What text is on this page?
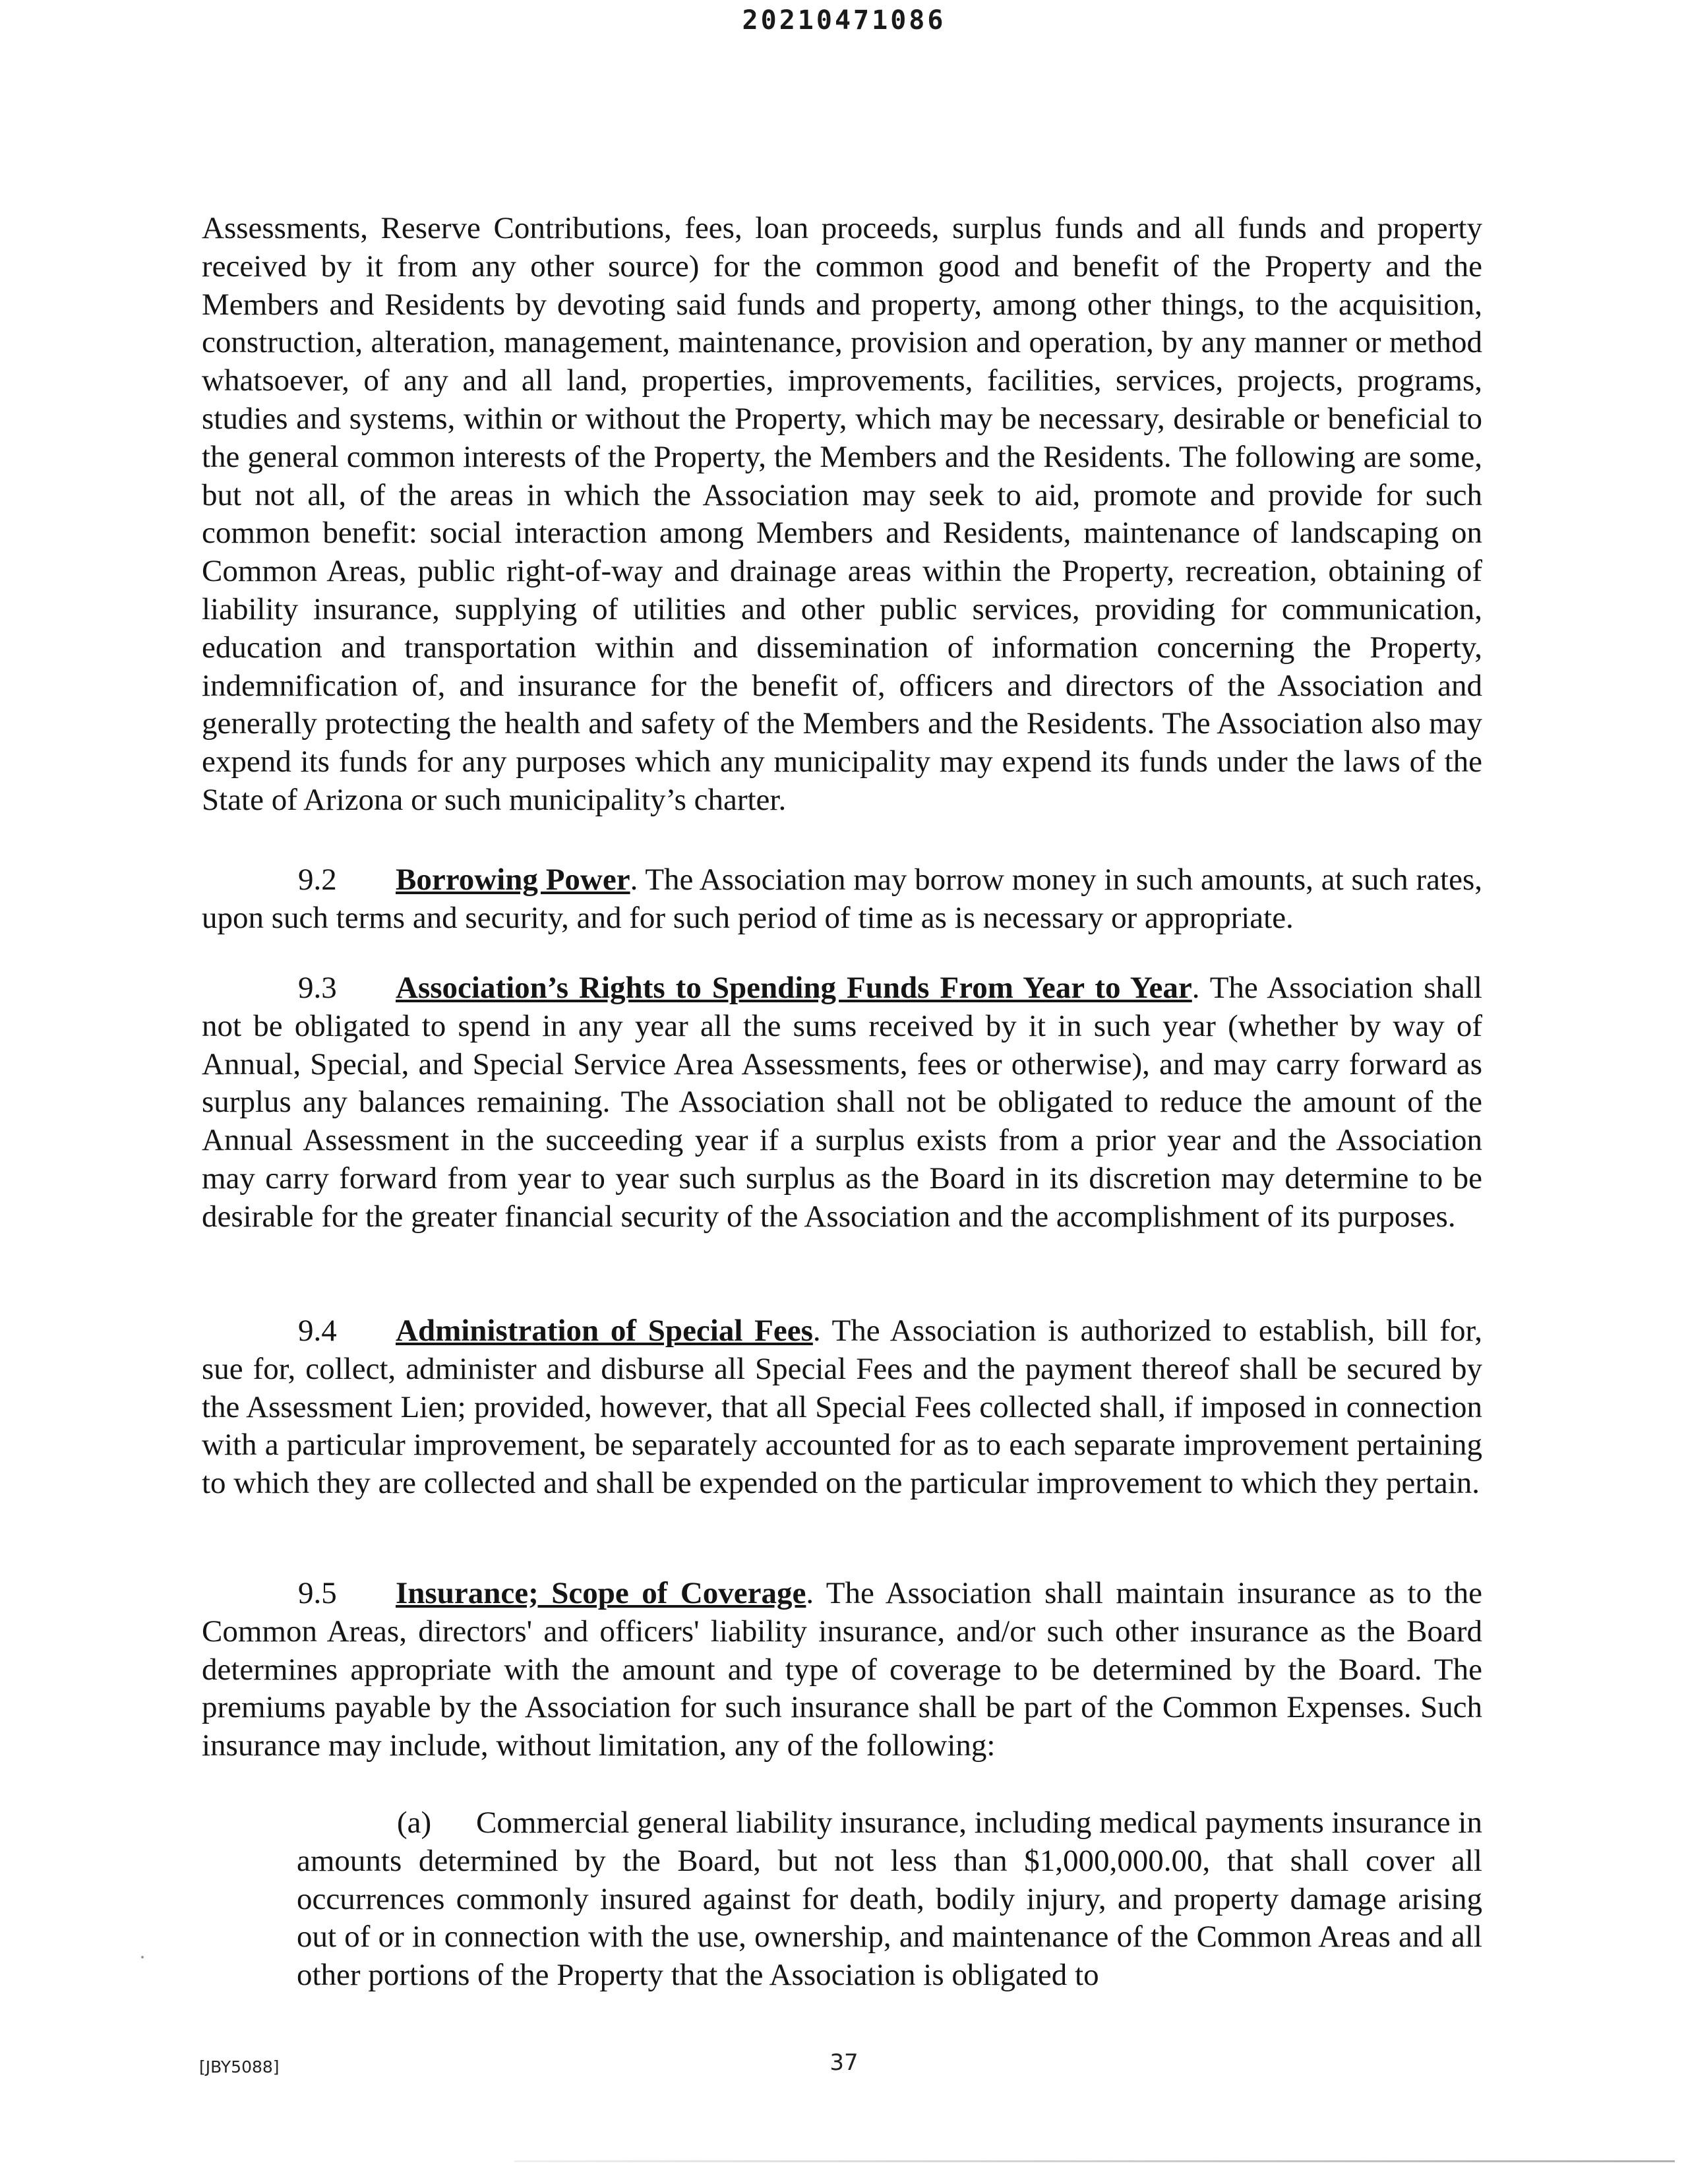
20210471086

Assessments, Reserve Contributions, fees, loan proceeds, surplus funds and all funds and property received by it from any other source) for the common good and benefit of the Property and the Members and Residents by devoting said funds and property, among other things, to the acquisition, construction, alteration, management, maintenance, provision and operation, by any manner or method whatsoever, of any and all land, properties, improvements, facilities, services, projects, programs, studies and systems, within or without the Property, which may be necessary, desirable or beneficial to the general common interests of the Property, the Members and the Residents. The following are some, but not all, of the areas in which the Association may seek to aid, promote and provide for such common benefit: social interaction among Members and Residents, maintenance of landscaping on Common Areas, public right-of-way and drainage areas within the Property, recreation, obtaining of liability insurance, supplying of utilities and other public services, providing for communication, education and transportation within and dissemination of information concerning the Property, indemnification of, and insurance for the benefit of, officers and directors of the Association and generally protecting the health and safety of the Members and the Residents. The Association also may expend its funds for any purposes which any municipality may expend its funds under the laws of the State of Arizona or such municipality’s charter.

9.2 Borrowing Power. The Association may borrow money in such amounts, at such rates, upon such terms and security, and for such period of time as is necessary or appropriate.

9.3 Association’s Rights to Spending Funds From Year to Year. The Association shall not be obligated to spend in any year all the sums received by it in such year (whether by way of Annual, Special, and Special Service Area Assessments, fees or otherwise), and may carry forward as surplus any balances remaining. The Association shall not be obligated to reduce the amount of the Annual Assessment in the succeeding year if a surplus exists from a prior year and the Association may carry forward from year to year such surplus as the Board in its discretion may determine to be desirable for the greater financial security of the Association and the accomplishment of its purposes.

9.4 Administration of Special Fees. The Association is authorized to establish, bill for, sue for, collect, administer and disburse all Special Fees and the payment thereof shall be secured by the Assessment Lien; provided, however, that all Special Fees collected shall, if imposed in connection with a particular improvement, be separately accounted for as to each separate improvement pertaining to which they are collected and shall be expended on the particular improvement to which they pertain.

9.5 Insurance; Scope of Coverage. The Association shall maintain insurance as to the Common Areas, directors' and officers' liability insurance, and/or such other insurance as the Board determines appropriate with the amount and type of coverage to be determined by the Board. The premiums payable by the Association for such insurance shall be part of the Common Expenses. Such insurance may include, without limitation, any of the following:

(a) Commercial general liability insurance, including medical payments insurance in amounts determined by the Board, but not less than $1,000,000.00, that shall cover all occurrences commonly insured against for death, bodily injury, and property damage arising out of or in connection with the use, ownership, and maintenance of the Common Areas and all other portions of the Property that the Association is obligated to

[JBY5088]	37
